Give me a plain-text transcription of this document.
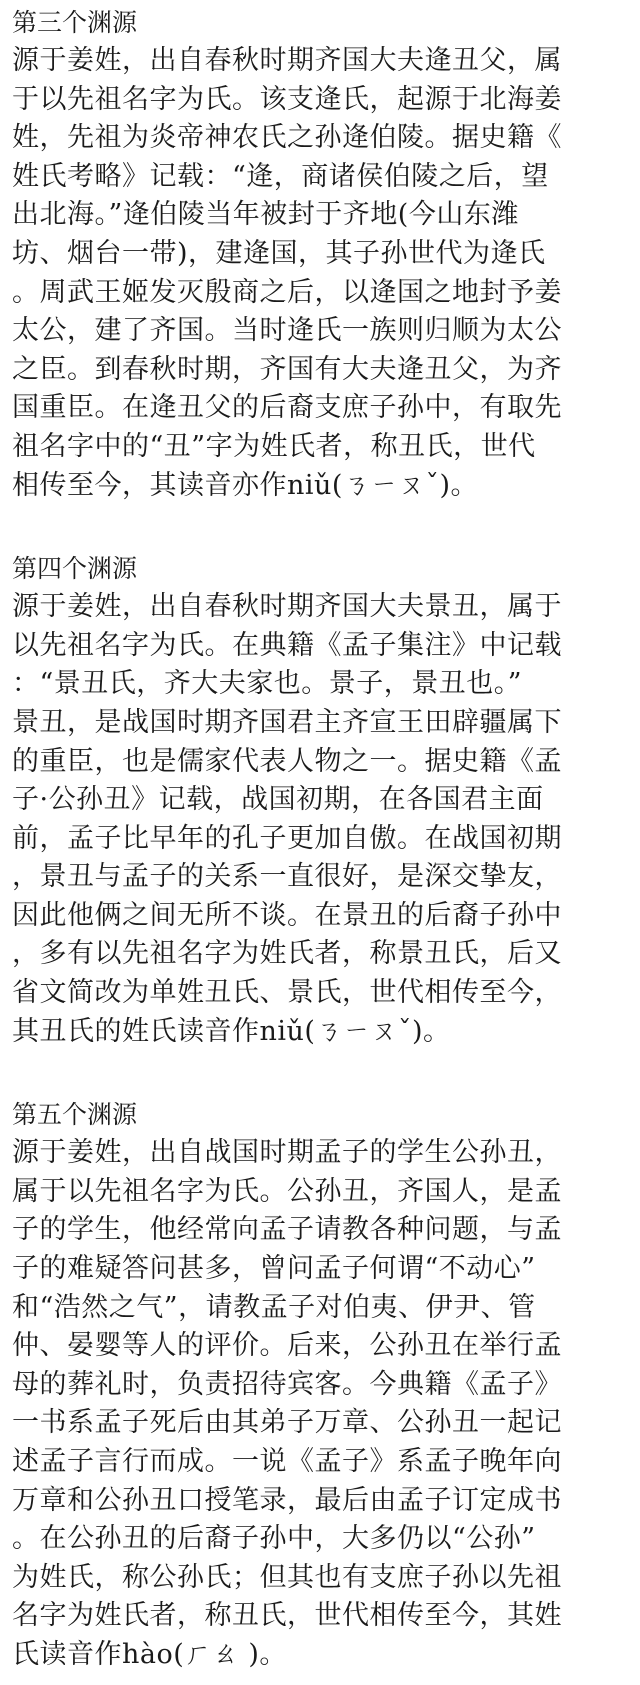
第三个渊源
源于姜姓，出自春秋时期齐国大夫逄丑父，属
于以先祖名字为氏。该支逄氏，起源于北海姜
姓，先祖为炎帝神农氏之孙逄伯陵。据史籍《
姓氏考略》记载：“逄，商诸侯伯陵之后，望
出北海。”逄伯陵当年被封于齐地(今山东潍
坊、烟台一带)，建逄国，其子孙世代为逄氏
。周武王姬发灭殷商之后，以逄国之地封予姜
太公，建了齐国。当时逄氏一族则归顺为太公
之臣。到春秋时期，齐国有大夫逄丑父，为齐
国重臣。在逄丑父的后裔支庶子孙中，有取先
祖名字中的“丑”字为姓氏者，称丑氏，世代
相传至今，其读音亦作niǔ(ㄋㄧㄡˇ)。
第四个渊源
源于姜姓，出自春秋时期齐国大夫景丑，属于
以先祖名字为氏。在典籍《孟子集注》中记载
：“景丑氏，齐大夫家也。景子，景丑也。”
景丑，是战国时期齐国君主齐宣王田辟疆属下
的重臣，也是儒家代表人物之一。据史籍《孟
子·公孙丑》记载，战国初期，在各国君主面
前，孟子比早年的孔子更加自傲。在战国初期
，景丑与孟子的关系一直很好，是深交挚友，
因此他俩之间无所不谈。在景丑的后裔子孙中
，多有以先祖名字为姓氏者，称景丑氏，后又
省文简改为单姓丑氏、景氏，世代相传至今，
其丑氏的姓氏读音作niǔ(ㄋㄧㄡˇ)。
第五个渊源
源于姜姓，出自战国时期孟子的学生公孙丑，
属于以先祖名字为氏。公孙丑，齐国人，是孟
子的学生，他经常向孟子请教各种问题，与孟
子的难疑答问甚多，曾问孟子何谓“不动心”
和“浩然之气”，请教孟子对伯夷、伊尹、管
仲、晏婴等人的评价。后来，公孙丑在举行孟
母的葬礼时，负责招待宾客。今典籍《孟子》
一书系孟子死后由其弟子万章、公孙丑一起记
述孟子言行而成。一说《孟子》系孟子晚年向
万章和公孙丑口授笔录，最后由孟子订定成书
。在公孙丑的后裔子孙中，大多仍以“公孙”
为姓氏，称公孙氏；但其也有支庶子孙以先祖
名字为姓氏者，称丑氏，世代相传至今，其姓
氏读音作hào(ㄏㄠ )。
